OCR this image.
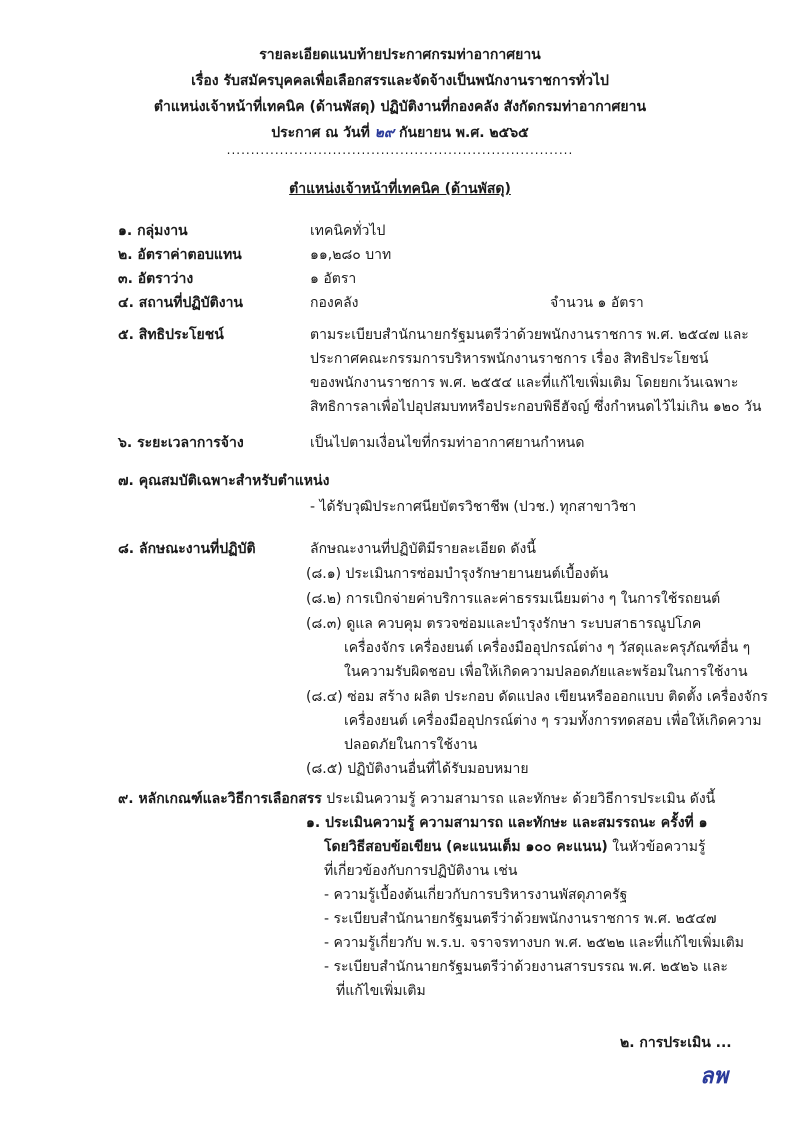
รายละเอียดแนบท้ายประกาศกรมท่าอากาศยาน
เรื่อง รับสมัครบุคคลเพื่อเลือกสรรและจัดจ้างเป็นพนักงานราชการทั่วไป
ตำแหน่งเจ้าหน้าที่เทคนิค (ด้านพัสดุ) ปฏิบัติงานที่กองคลัง สังกัดกรมท่าอากาศยาน
ประกาศ ณ วันที่ ๒๙ กันยายน พ.ศ. ๒๕๖๕
........................................................................
ตำแหน่งเจ้าหน้าที่เทคนิค (ด้านพัสดุ)
๑. กลุ่มงาน	เทคนิคทั่วไป
๒. อัตราค่าตอบแทน	๑๑,๒๘๐ บาท
๓. อัตราว่าง	๑ อัตรา
๔. สถานที่ปฏิบัติงาน	กองคลัง	จำนวน ๑ อัตรา
๕. สิทธิประโยชน์	ตามระเบียบสำนักนายกรัฐมนตรีว่าด้วยพนักงานราชการ พ.ศ. ๒๕๔๗ และ
ประกาศคณะกรรมการบริหารพนักงานราชการ เรื่อง สิทธิประโยชน์
ของพนักงานราชการ พ.ศ. ๒๕๕๔ และที่แก้ไขเพิ่มเติม โดยยกเว้นเฉพาะ
สิทธิการลาเพื่อไปอุปสมบทหรือประกอบพิธีฮัจญ์ ซึ่งกำหนดไว้ไม่เกิน ๑๒๐ วัน
๖. ระยะเวลาการจ้าง	เป็นไปตามเงื่อนไขที่กรมท่าอากาศยานกำหนด
๗. คุณสมบัติเฉพาะสำหรับตำแหน่ง
- ได้รับวุฒิประกาศนียบัตรวิชาชีพ (ปวช.) ทุกสาขาวิชา
๘. ลักษณะงานที่ปฏิบัติ	ลักษณะงานที่ปฏิบัติมีรายละเอียด ดังนี้
(๘.๑) ประเมินการซ่อมบำรุงรักษายานยนต์เบื้องต้น
(๘.๒) การเบิกจ่ายค่าบริการและค่าธรรมเนียมต่าง ๆ ในการใช้รถยนต์
(๘.๓) ดูแล ควบคุม ตรวจซ่อมและบำรุงรักษา ระบบสาธารณูปโภค
เครื่องจักร เครื่องยนต์ เครื่องมืออุปกรณ์ต่าง ๆ วัสดุและครุภัณฑ์อื่น ๆ
ในความรับผิดชอบ เพื่อให้เกิดความปลอดภัยและพร้อมในการใช้งาน
(๘.๔) ซ่อม สร้าง ผลิต ประกอบ ดัดแปลง เขียนหรือออกแบบ ติดตั้ง เครื่องจักร
เครื่องยนต์ เครื่องมืออุปกรณ์ต่าง ๆ รวมทั้งการทดสอบ เพื่อให้เกิดความ
ปลอดภัยในการใช้งาน
(๘.๕) ปฏิบัติงานอื่นที่ได้รับมอบหมาย
๙. หลักเกณฑ์และวิธีการเลือกสรร ประเมินความรู้ ความสามารถ และทักษะ ด้วยวิธีการประเมิน ดังนี้
๑. ประเมินความรู้ ความสามารถ และทักษะ และสมรรถนะ ครั้งที่ ๑
โดยวิธีสอบข้อเขียน (คะแนนเต็ม ๑๐๐ คะแนน) ในหัวข้อความรู้
ที่เกี่ยวข้องกับการปฏิบัติงาน เช่น
- ความรู้เบื้องต้นเกี่ยวกับการบริหารงานพัสดุภาครัฐ
- ระเบียบสำนักนายกรัฐมนตรีว่าด้วยพนักงานราชการ พ.ศ. ๒๕๔๗
- ความรู้เกี่ยวกับ พ.ร.บ. จราจรทางบก พ.ศ. ๒๕๒๒ และที่แก้ไขเพิ่มเติม
- ระเบียบสำนักนายกรัฐมนตรีว่าด้วยงานสารบรรณ พ.ศ. ๒๕๒๖ และ
ที่แก้ไขเพิ่มเติม
๒. การประเมิน ...
ลพ
